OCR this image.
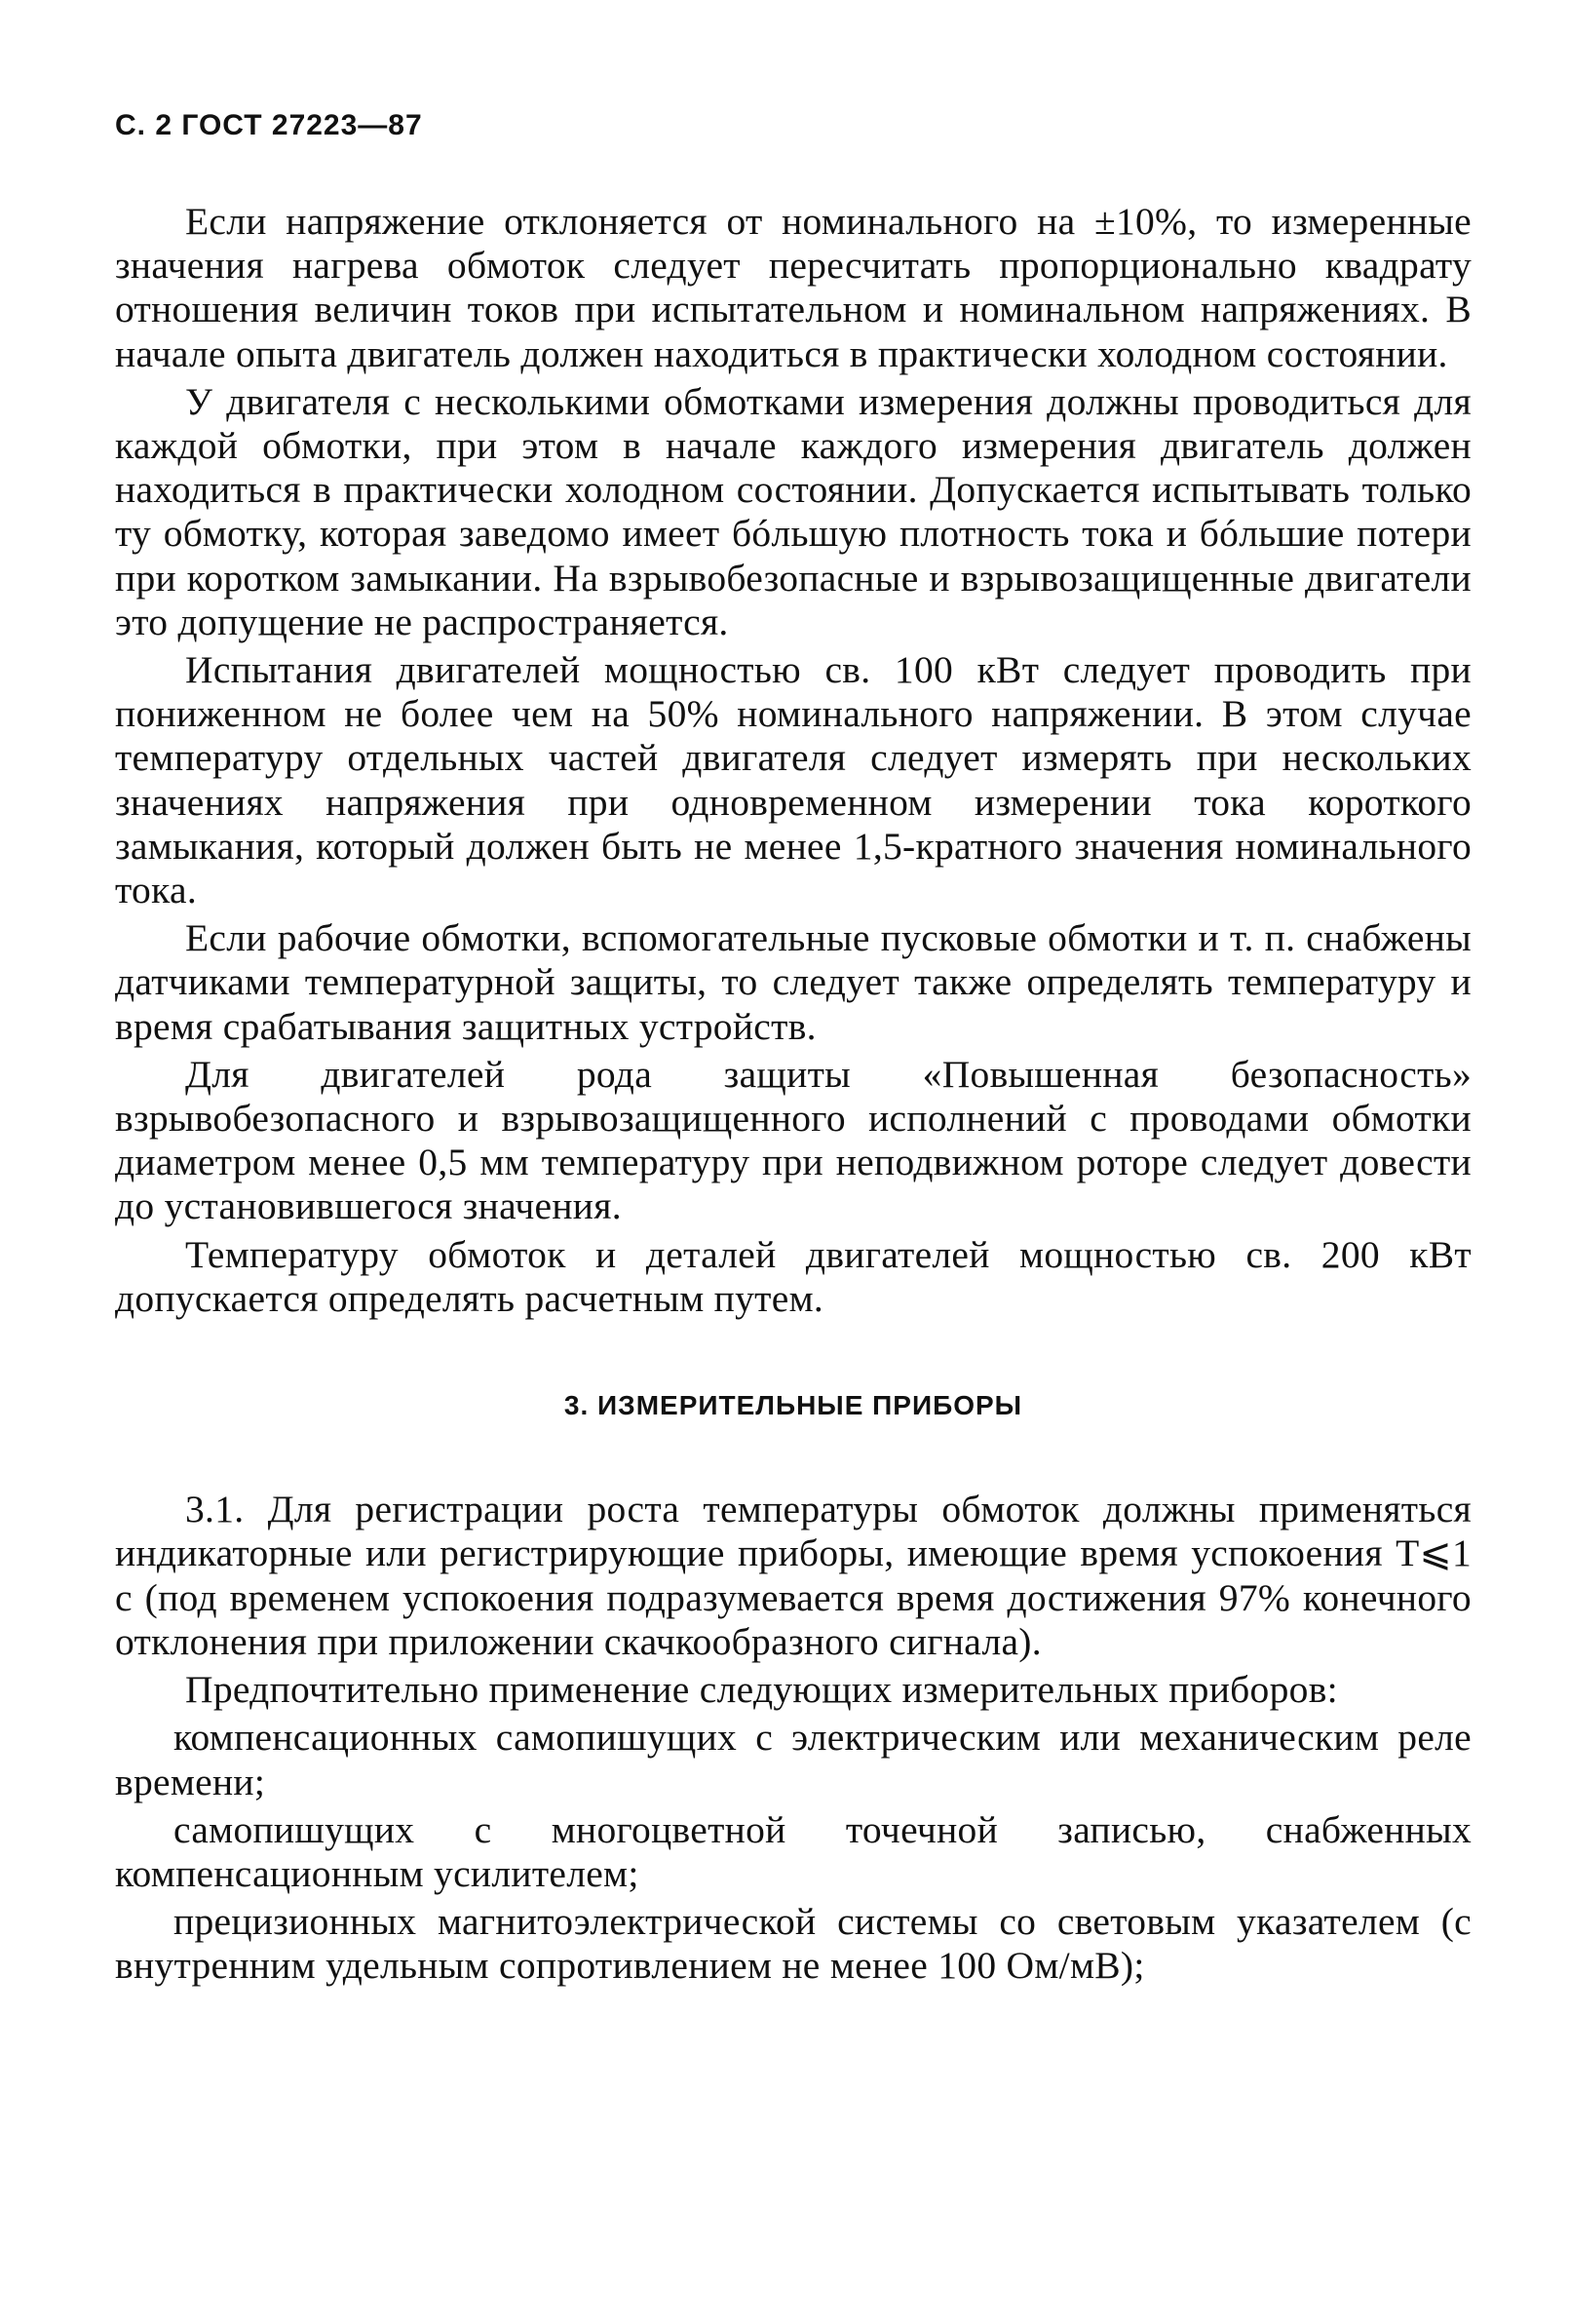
С. 2 ГОСТ 27223—87

Если напряжение отклоняется от номинального на ±10%, то измеренные значения нагрева обмоток следует пересчитать пропорционально квадрату отношения величин токов при испытательном и номинальном напряжениях. В начале опыта двигатель должен находиться в практически холодном состоянии.

У двигателя с несколькими обмотками измерения должны проводиться для каждой обмотки, при этом в начале каждого измерения двигатель должен находиться в практически холодном состоянии. Допускается испытывать только ту обмотку, которая заведомо имеет бóльшую плотность тока и бóльшие потери при коротком замыкании. На взрывобезопасные и взрывозащищенные двигатели это допущение не распространяется.

Испытания двигателей мощностью св. 100 кВт следует проводить при пониженном не более чем на 50% номинального напряжении. В этом случае температуру отдельных частей двигателя следует измерять при нескольких значениях напряжения при одновременном измерении тока короткого замыкания, который должен быть не менее 1,5-кратного значения номинального тока.

Если рабочие обмотки, вспомогательные пусковые обмотки и т. п. снабжены датчиками температурной защиты, то следует также определять температуру и время срабатывания защитных устройств.

Для двигателей рода защиты «Повышенная безопасность» взрывобезопасного и взрывозащищенного исполнений с проводами обмотки диаметром менее 0,5 мм температуру при неподвижном роторе следует довести до установившегося значения.

Температуру обмоток и деталей двигателей мощностью св. 200 кВт допускается определять расчетным путем.

3. ИЗМЕРИТЕЛЬНЫЕ ПРИБОРЫ

3.1. Для регистрации роста температуры обмоток должны применяться индикаторные или регистрирующие приборы, имеющие время успокоения T⩽1 с (под временем успокоения подразумевается время достижения 97% конечного отклонения при приложении скачкообразного сигнала).

Предпочтительно применение следующих измерительных приборов:

компенсационных самопишущих с электрическим или механическим реле времени;

самопишущих с многоцветной точечной записью, снабженных компенсационным усилителем;

прецизионных магнитоэлектрической системы со световым указателем (с внутренним удельным сопротивлением не менее 100 Ом/мВ);
